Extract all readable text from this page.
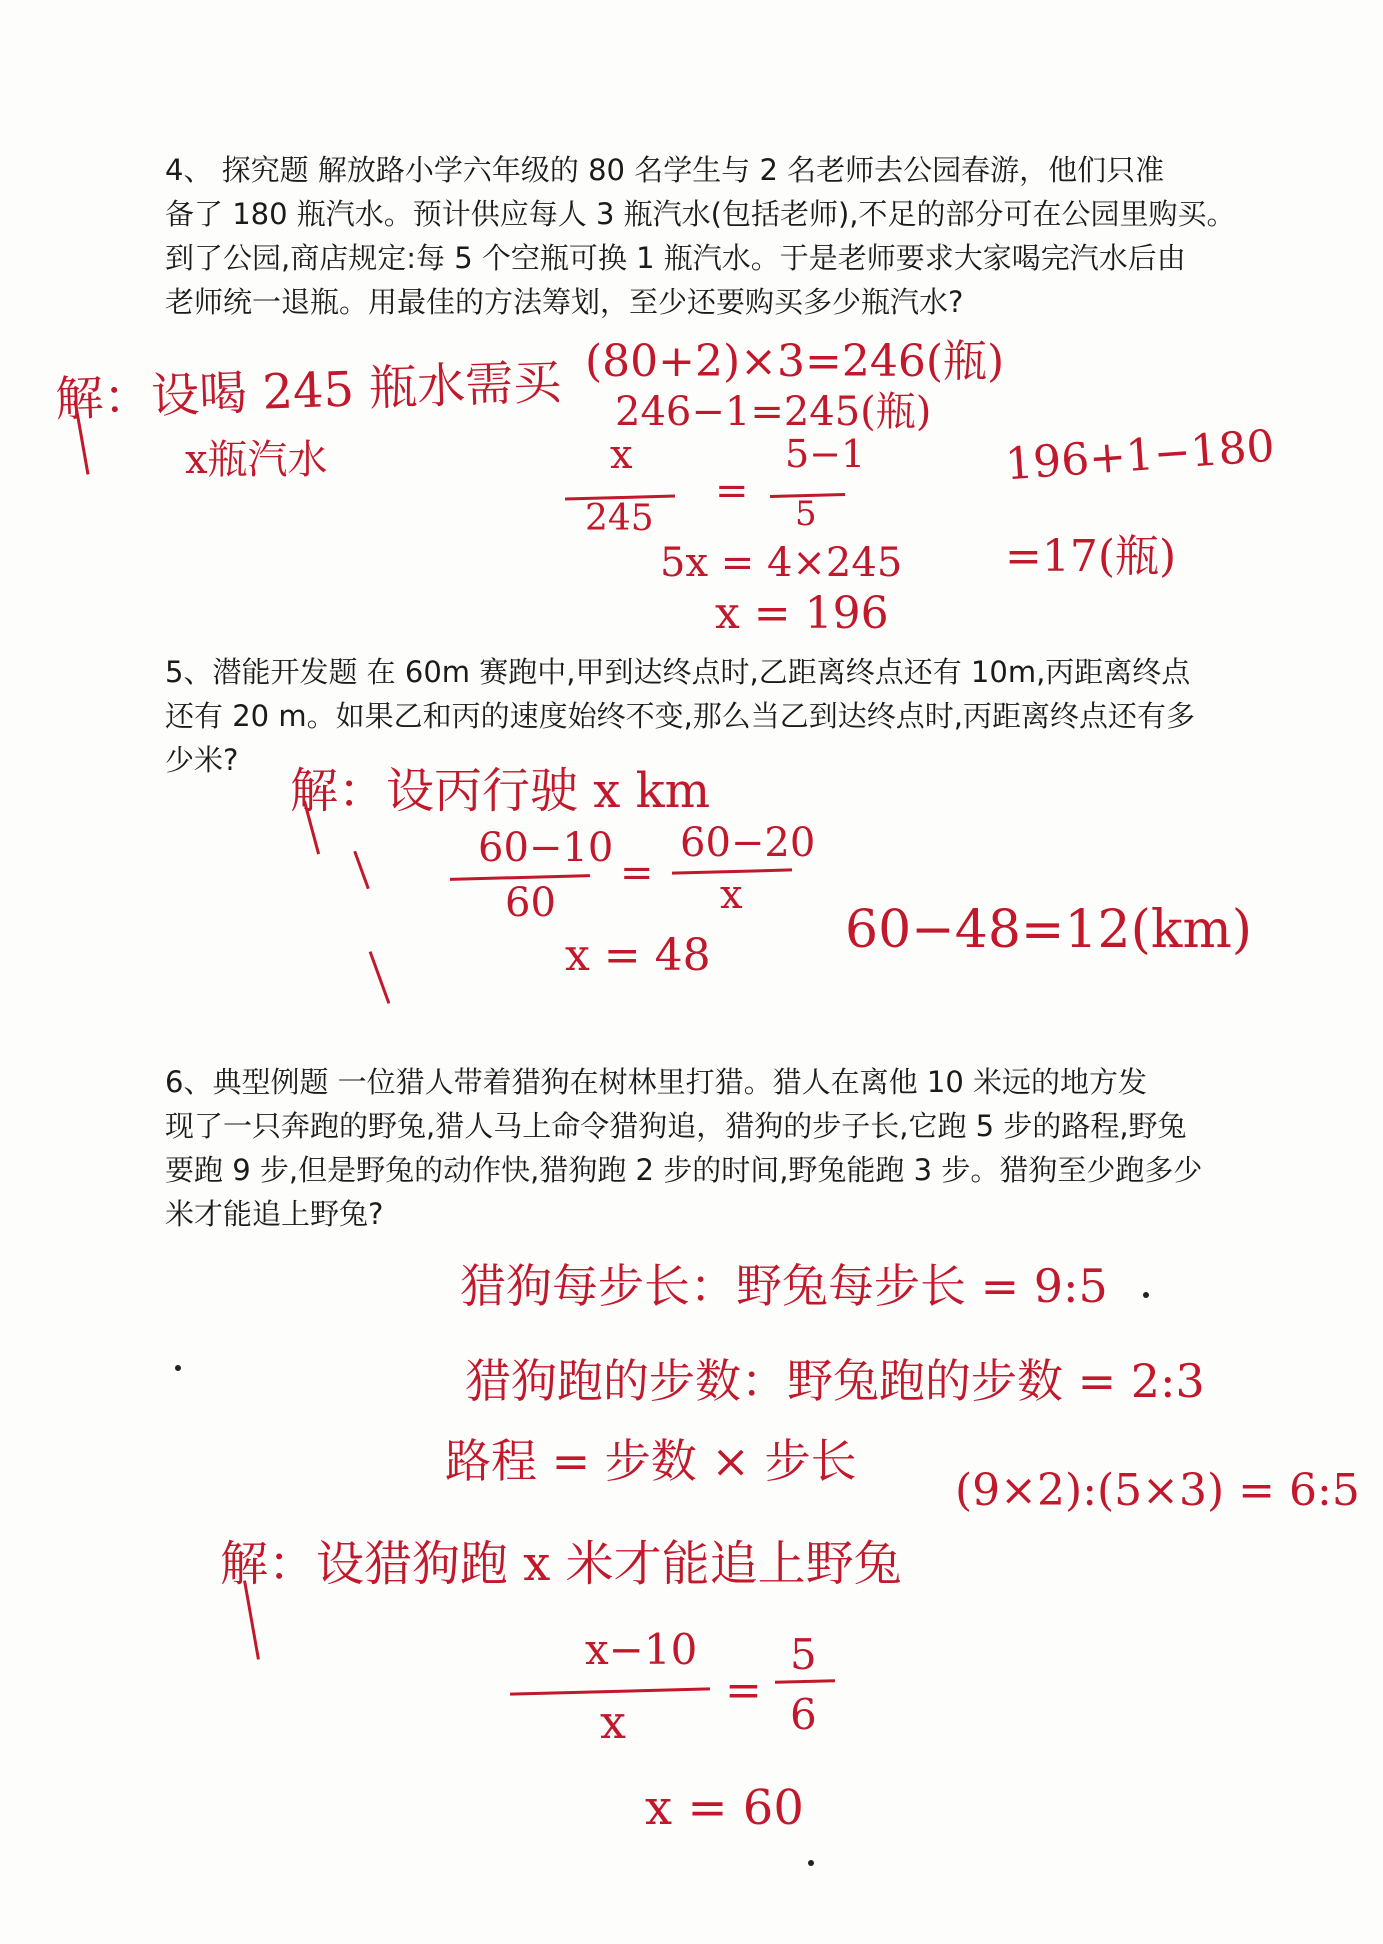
4、 探究题 解放路小学六年级的 80 名学生与 2 名老师去公园春游，他们只准

备了 180 瓶汽水。预计供应每人 3 瓶汽水(包括老师),不足的部分可在公园里购买。

到了公园,商店规定:每 5 个空瓶可换 1 瓶汽水。于是老师要求大家喝完汽水后由

老师统一退瓶。用最佳的方法筹划，至少还要购买多少瓶汽水?

解：设喝 245 瓶水需买
x瓶汽水
(80+2)×3=246(瓶)
246−1=245(瓶)
x
245
=
5−1
5
5x = 4×245
x = 196
196+1−180
=17(瓶)

5、潜能开发题 在 60m 赛跑中,甲到达终点时,乙距离终点还有 10m,丙距离终点

还有 20 m。如果乙和丙的速度始终不变,那么当乙到达终点时,丙距离终点还有多

少米?

解：设丙行驶 x km
60−10
60
=
60−20
x
x = 48	60−48=12(km)

6、典型例题 一位猎人带着猎狗在树林里打猎。猎人在离他 10 米远的地方发

现了一只奔跑的野兔,猎人马上命令猎狗追，猎狗的步子长,它跑 5 步的路程,野兔

要跑 9 步,但是野兔的动作快,猎狗跑 2 步的时间,野兔能跑 3 步。猎狗至少跑多少

米才能追上野兔?

猎狗每步长：野兔每步长 = 9:5
猎狗跑的步数：野兔跑的步数 = 2:3
路程 = 步数 × 步长
(9×2):(5×3) = 6:5
解：设猎狗跑 x 米才能追上野兔
x−10
x
=
5
6
x = 60
